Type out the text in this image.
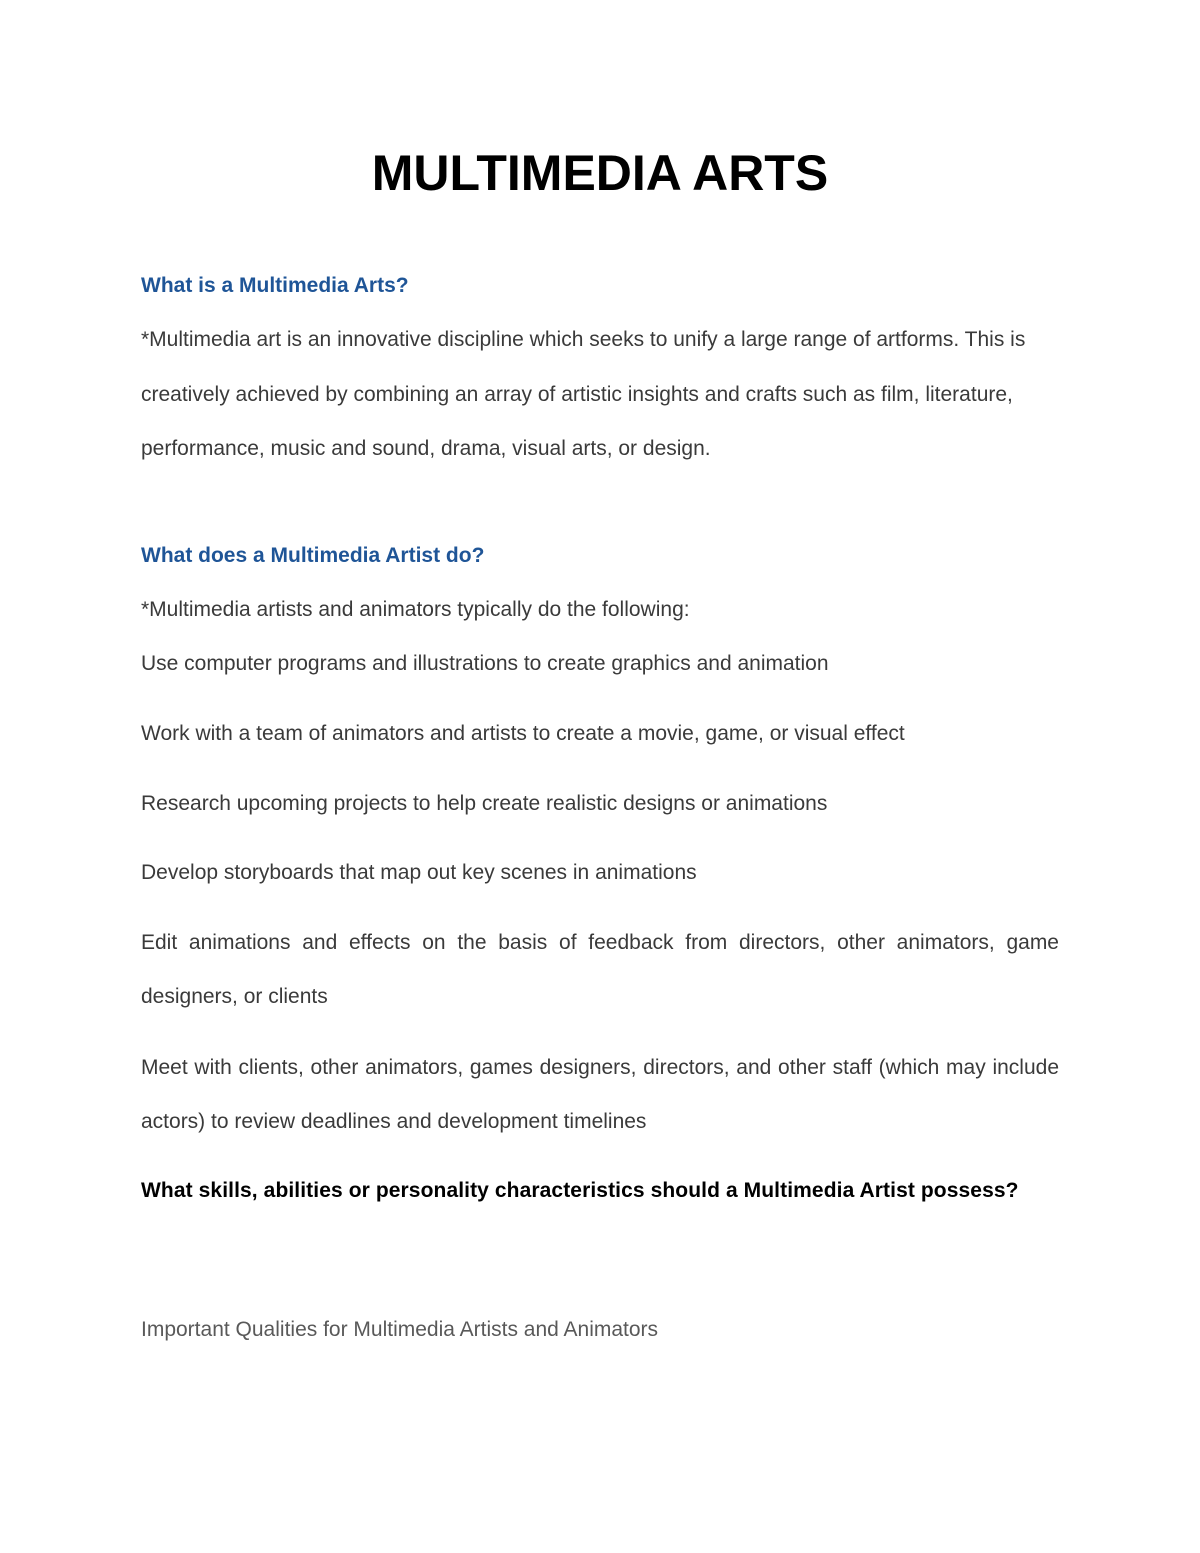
MULTIMEDIA ARTS
What is a Multimedia Arts?

*Multimedia art is an innovative discipline which seeks to unify a large range of artforms. This is creatively achieved by combining an array of artistic insights and crafts such as film, literature, performance, music and sound, drama, visual arts, or design.

What does a Multimedia Artist do?
*Multimedia artists and animators typically do the following:
Use computer programs and illustrations to create graphics and animation
Work with a team of animators and artists to create a movie, game, or visual effect
Research upcoming projects to help create realistic designs or animations
Develop storyboards that map out key scenes in animations

Edit animations and effects on the basis of feedback from directors, other animators, game designers, or clients

Meet with clients, other animators, games designers, directors, and other staff (which may include actors) to review deadlines and development timelines

What skills, abilities or personality characteristics should a Multimedia Artist possess?

Important Qualities for Multimedia Artists and Animators
